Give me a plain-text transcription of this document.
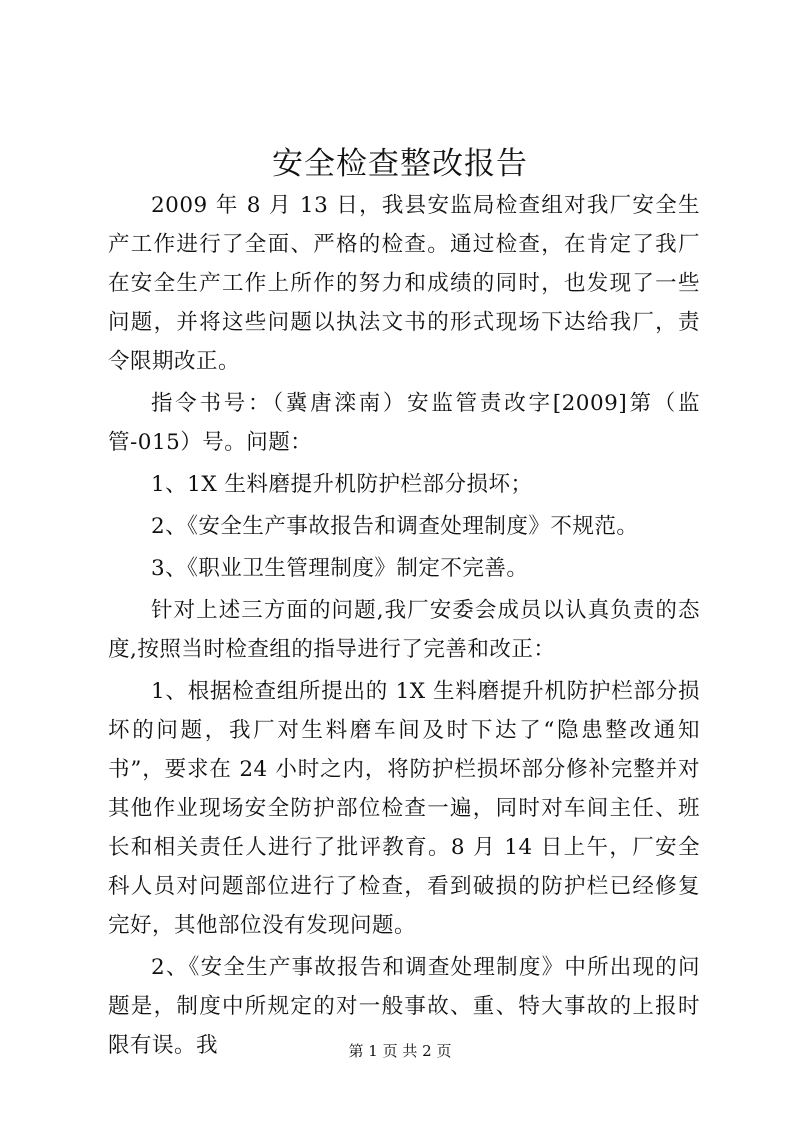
安全检查整改报告

2009 年 8 月 13 日，我县安监局检查组对我厂安全生产工作进行了全面、严格的检查。通过检查，在肯定了我厂在安全生产工作上所作的努力和成绩的同时，也发现了一些问题，并将这些问题以执法文书的形式现场下达给我厂，责令限期改正。

指令书号：（冀唐滦南）安监管责改字[2009]第（监管-015）号。问题：

1、1X 生料磨提升机防护栏部分损坏；

2、《安全生产事故报告和调查处理制度》不规范。

3、《职业卫生管理制度》制定不完善。

针对上述三方面的问题,我厂安委会成员以认真负责的态度,按照当时检查组的指导进行了完善和改正：

1、根据检查组所提出的 1X 生料磨提升机防护栏部分损坏的问题，我厂对生料磨车间及时下达了“隐患整改通知书”，要求在 24 小时之内，将防护栏损坏部分修补完整并对其他作业现场安全防护部位检查一遍，同时对车间主任、班长和相关责任人进行了批评教育。8 月 14 日上午，厂安全科人员对问题部位进行了检查，看到破损的防护栏已经修复完好，其他部位没有发现问题。

2、《安全生产事故报告和调查处理制度》中所出现的问题是，制度中所规定的对一般事故、重、特大事故的上报时限有误。我	第 1 页 共 2 页
